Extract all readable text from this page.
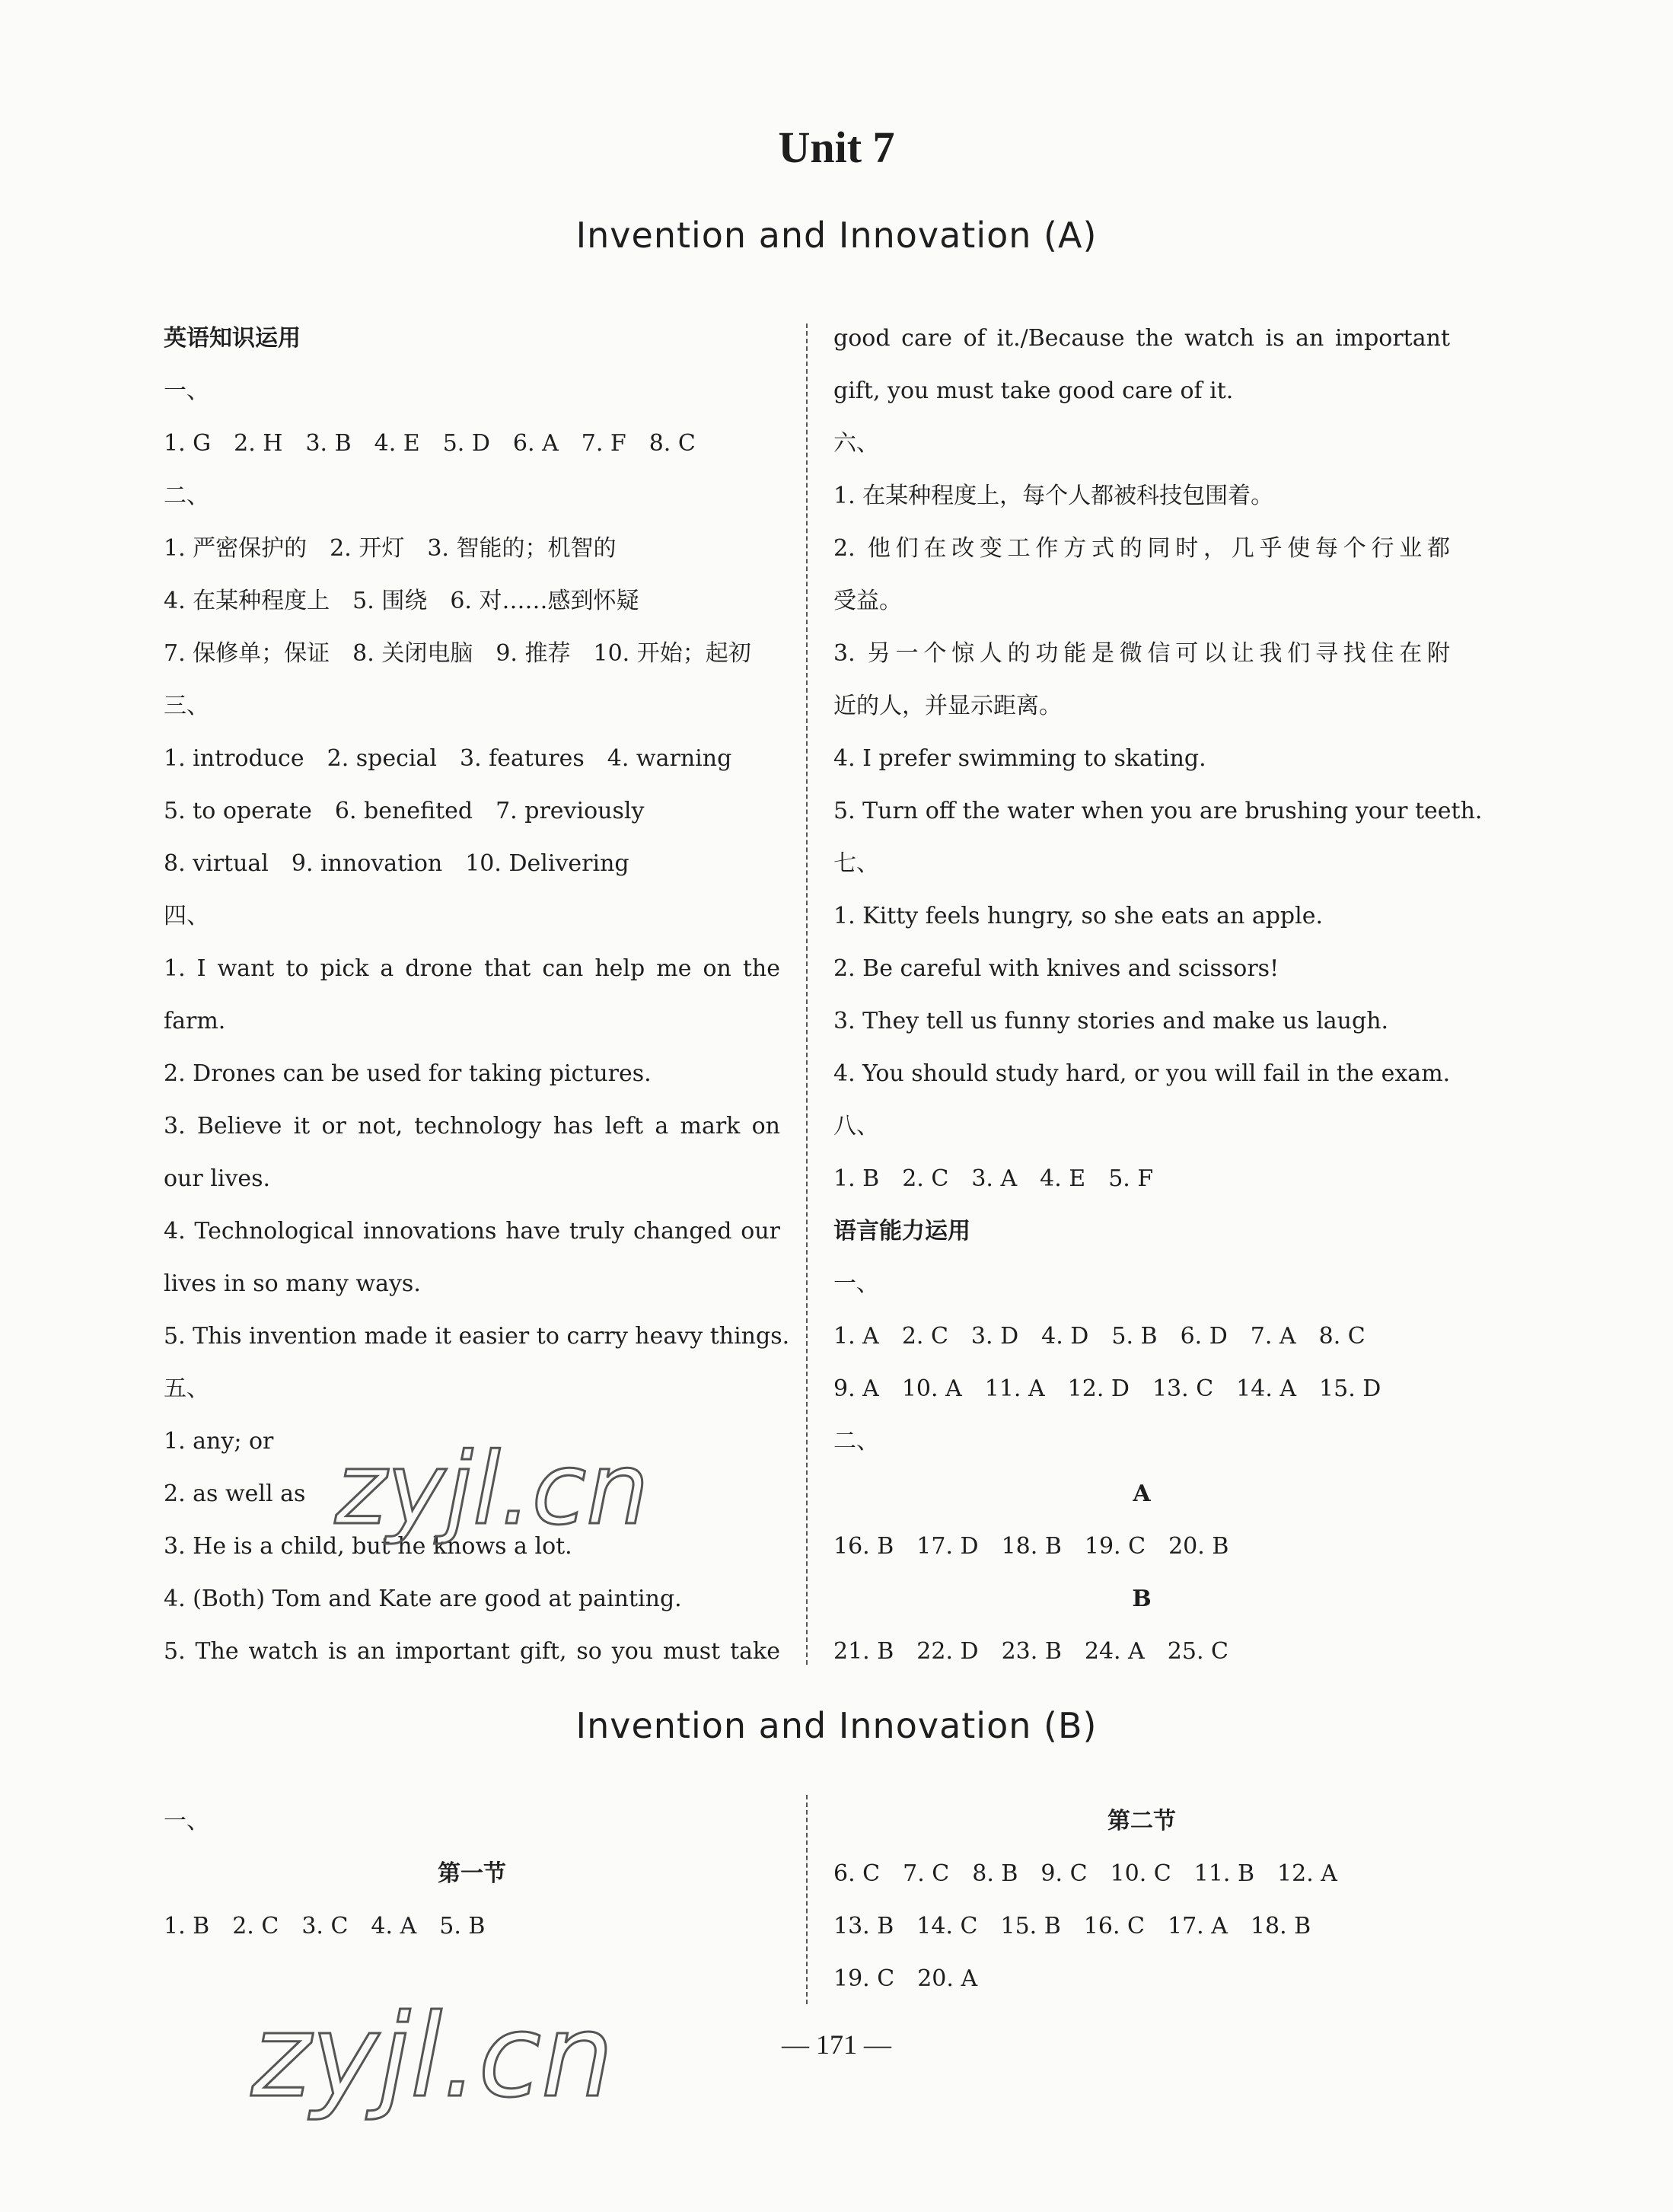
Unit 7
Invention and Innovation (A)
英语知识运用
一、
1. G　2. H　3. B　4. E　5. D　6. A　7. F　8. C
二、
1. 严密保护的　2. 开灯　3. 智能的；机智的
4. 在某种程度上　5. 围绕　6. 对……感到怀疑
7. 保修单；保证　8. 关闭电脑　9. 推荐　10. 开始；起初
三、
1. introduce　2. special　3. features　4. warning
5. to operate　6. benefited　7. previously
8. virtual　9. innovation　10. Delivering
四、
1. I want to pick a drone that can help me on the
farm.
2. Drones can be used for taking pictures.
3. Believe it or not, technology has left a mark on
our lives.
4. Technological innovations have truly changed our
lives in so many ways.
5. This invention made it easier to carry heavy things.
五、
1. any; or
2. as well as
3. He is a child, but he knows a lot.
4. (Both) Tom and Kate are good at painting.
5. The watch is an important gift, so you must take
good care of it./Because the watch is an important
gift, you must take good care of it.
六、
1. 在某种程度上，每个人都被科技包围着。
2. 他们在改变工作方式的同时，几乎使每个行业都
受益。
3. 另一个惊人的功能是微信可以让我们寻找住在附
近的人，并显示距离。
4. I prefer swimming to skating.
5. Turn off the water when you are brushing your teeth.
七、
1. Kitty feels hungry, so she eats an apple.
2. Be careful with knives and scissors!
3. They tell us funny stories and make us laugh.
4. You should study hard, or you will fail in the exam.
八、
1. B　2. C　3. A　4. E　5. F
语言能力运用
一、
1. A　2. C　3. D　4. D　5. B　6. D　7. A　8. C
9. A　10. A　11. A　12. D　13. C　14. A　15. D
二、
A
16. B　17. D　18. B　19. C　20. B
B
21. B　22. D　23. B　24. A　25. C
Invention and Innovation (B)
一、
第一节
1. B　2. C　3. C　4. A　5. B
第二节
6. C　7. C　8. B　9. C　10. C　11. B　12. A
13. B　14. C　15. B　16. C　17. A　18. B
19. C　20. A
— 171 —
zyjl.cn
zyjl.cn
